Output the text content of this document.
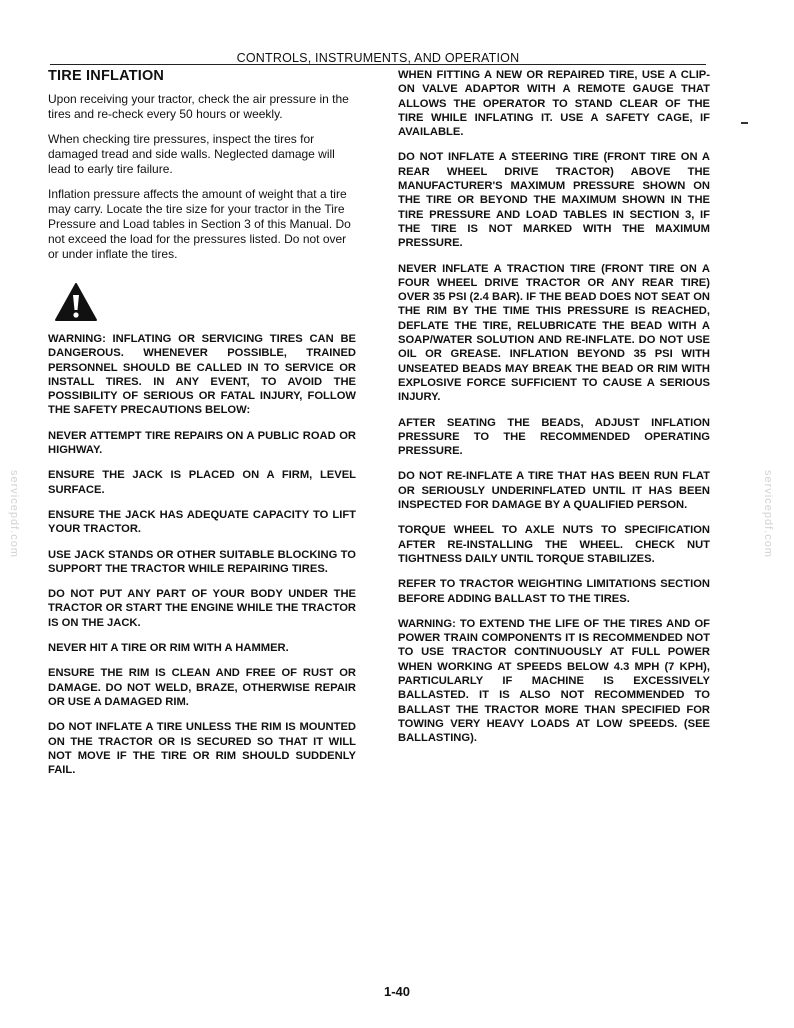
CONTROLS, INSTRUMENTS, AND OPERATION
servicepdf.com	servicepdf.com
TIRE INFLATION

Upon receiving your tractor, check the air pressure in the tires and re-check every 50 hours or weekly.

When checking tire pressures, inspect the tires for damaged tread and side walls. Neglected damage will lead to early tire failure.

Inflation pressure affects the amount of weight that a tire may carry. Locate the tire size for your tractor in the Tire Pressure and Load tables in Section 3 of this Manual. Do not exceed the load for the pressures listed. Do not over or under inflate the tires.

WARNING: INFLATING OR SERVICING TIRES CAN BE DANGEROUS. WHENEVER POSSIBLE, TRAINED PERSONNEL SHOULD BE CALLED IN TO SERVICE OR INSTALL TIRES. IN ANY EVENT, TO AVOID THE POSSIBILITY OF SERIOUS OR FATAL INJURY, FOLLOW THE SAFETY PRECAUTIONS BELOW:

NEVER ATTEMPT TIRE REPAIRS ON A PUBLIC ROAD OR HIGHWAY.

ENSURE THE JACK IS PLACED ON A FIRM, LEVEL SURFACE.

ENSURE THE JACK HAS ADEQUATE CAPACITY TO LIFT YOUR TRACTOR.

USE JACK STANDS OR OTHER SUITABLE BLOCKING TO SUPPORT THE TRACTOR WHILE REPAIRING TIRES.

DO NOT PUT ANY PART OF YOUR BODY UNDER THE TRACTOR OR START THE ENGINE WHILE THE TRACTOR IS ON THE JACK.

NEVER HIT A TIRE OR RIM WITH A HAMMER.

ENSURE THE RIM IS CLEAN AND FREE OF RUST OR DAMAGE. DO NOT WELD, BRAZE, OTHERWISE REPAIR OR USE A DAMAGED RIM.

DO NOT INFLATE A TIRE UNLESS THE RIM IS MOUNTED ON THE TRACTOR OR IS SECURED SO THAT IT WILL NOT MOVE IF THE TIRE OR RIM SHOULD SUDDENLY FAIL.

WHEN FITTING A NEW OR REPAIRED TIRE, USE A CLIP-ON VALVE ADAPTOR WITH A REMOTE GAUGE THAT ALLOWS THE OPERATOR TO STAND CLEAR OF THE TIRE WHILE INFLATING IT. USE A SAFETY CAGE, IF AVAILABLE.

DO NOT INFLATE A STEERING TIRE (FRONT TIRE ON A REAR WHEEL DRIVE TRACTOR) ABOVE THE MANUFACTURER'S MAXIMUM PRESSURE SHOWN ON THE TIRE OR BEYOND THE MAXIMUM SHOWN IN THE TIRE PRESSURE AND LOAD TABLES IN SECTION 3, IF THE TIRE IS NOT MARKED WITH THE MAXIMUM PRESSURE.

NEVER INFLATE A TRACTION TIRE (FRONT TIRE ON A FOUR WHEEL DRIVE TRACTOR OR ANY REAR TIRE) OVER 35 PSI (2.4 BAR). IF THE BEAD DOES NOT SEAT ON THE RIM BY THE TIME THIS PRESSURE IS REACHED, DEFLATE THE TIRE, RELUBRICATE THE BEAD WITH A SOAP/WATER SOLUTION AND RE-INFLATE. DO NOT USE OIL OR GREASE. INFLATION BEYOND 35 PSI WITH UNSEATED BEADS MAY BREAK THE BEAD OR RIM WITH EXPLOSIVE FORCE SUFFICIENT TO CAUSE A SERIOUS INJURY.

AFTER SEATING THE BEADS, ADJUST INFLATION PRESSURE TO THE RECOMMENDED OPERATING PRESSURE.

DO NOT RE-INFLATE A TIRE THAT HAS BEEN RUN FLAT OR SERIOUSLY UNDERINFLATED UNTIL IT HAS BEEN INSPECTED FOR DAMAGE BY A QUALIFIED PERSON.

TORQUE WHEEL TO AXLE NUTS TO SPECIFICATION AFTER RE-INSTALLING THE WHEEL. CHECK NUT TIGHTNESS DAILY UNTIL TORQUE STABILIZES.

REFER TO TRACTOR WEIGHTING LIMITATIONS SECTION BEFORE ADDING BALLAST TO THE TIRES.

WARNING: TO EXTEND THE LIFE OF THE TIRES AND OF POWER TRAIN COMPONENTS IT IS RECOMMENDED NOT TO USE TRACTOR CONTINUOUSLY AT FULL POWER WHEN WORKING AT SPEEDS BELOW 4.3 MPH (7 KPH), PARTICULARLY IF MACHINE IS EXCESSIVELY BALLASTED. IT IS ALSO NOT RECOMMENDED TO BALLAST THE TRACTOR MORE THAN SPECIFIED FOR TOWING VERY HEAVY LOADS AT LOW SPEEDS. (SEE BALLASTING).

1-40
